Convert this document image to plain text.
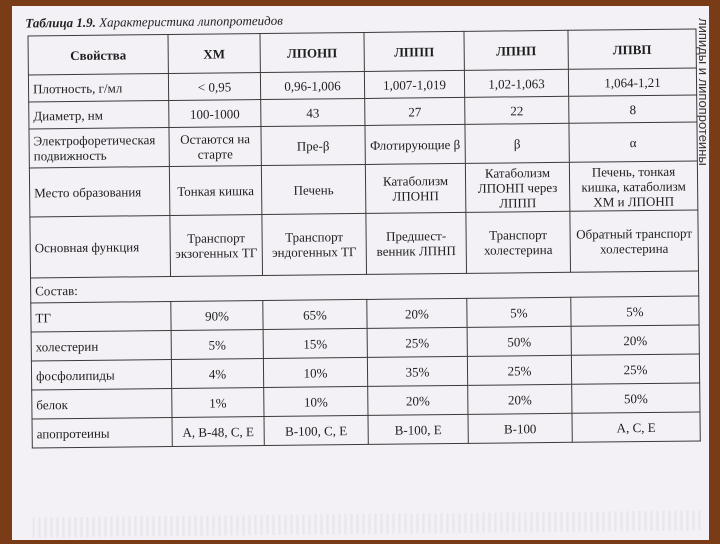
Таблица 1.9. Характеристика липопротеидов
Свойства	ХМ	ЛПОНП	ЛППП	ЛПНП	ЛПВП
Плотность, г/мл	< 0,95	0,96-1,006	1,007-1,019	1,02-1,063	1,064-1,21
Диаметр, нм	100-1000	43	27	22	8
Электрофоретическая подвижность	Остаются на старте	Пре-β	Флотирующие β	β	α
Место образования	Тонкая кишка	Печень	Катаболизм ЛПОНП	Катаболизм ЛПОНП через ЛППП	Печень, тонкая кишка, катаболизм ХМ и ЛПОНП
Основная функция	Транспорт экзогенных ТГ	Транспорт эндогенных ТГ	Предшест-венник ЛПНП	Транспорт холестерина	Обратный транспорт холестерина
Состав:					
ТГ	90%	65%	20%	5%	5%
холестерин	5%	15%	25%	50%	20%
фосфолипиды	4%	10%	35%	25%	25%
белок	1%	10%	20%	20%	50%
апопротеины	А, В-48, С, Е	В-100, С, Е	В-100, Е	В-100	А, С, Е
липиды и липопротеины
